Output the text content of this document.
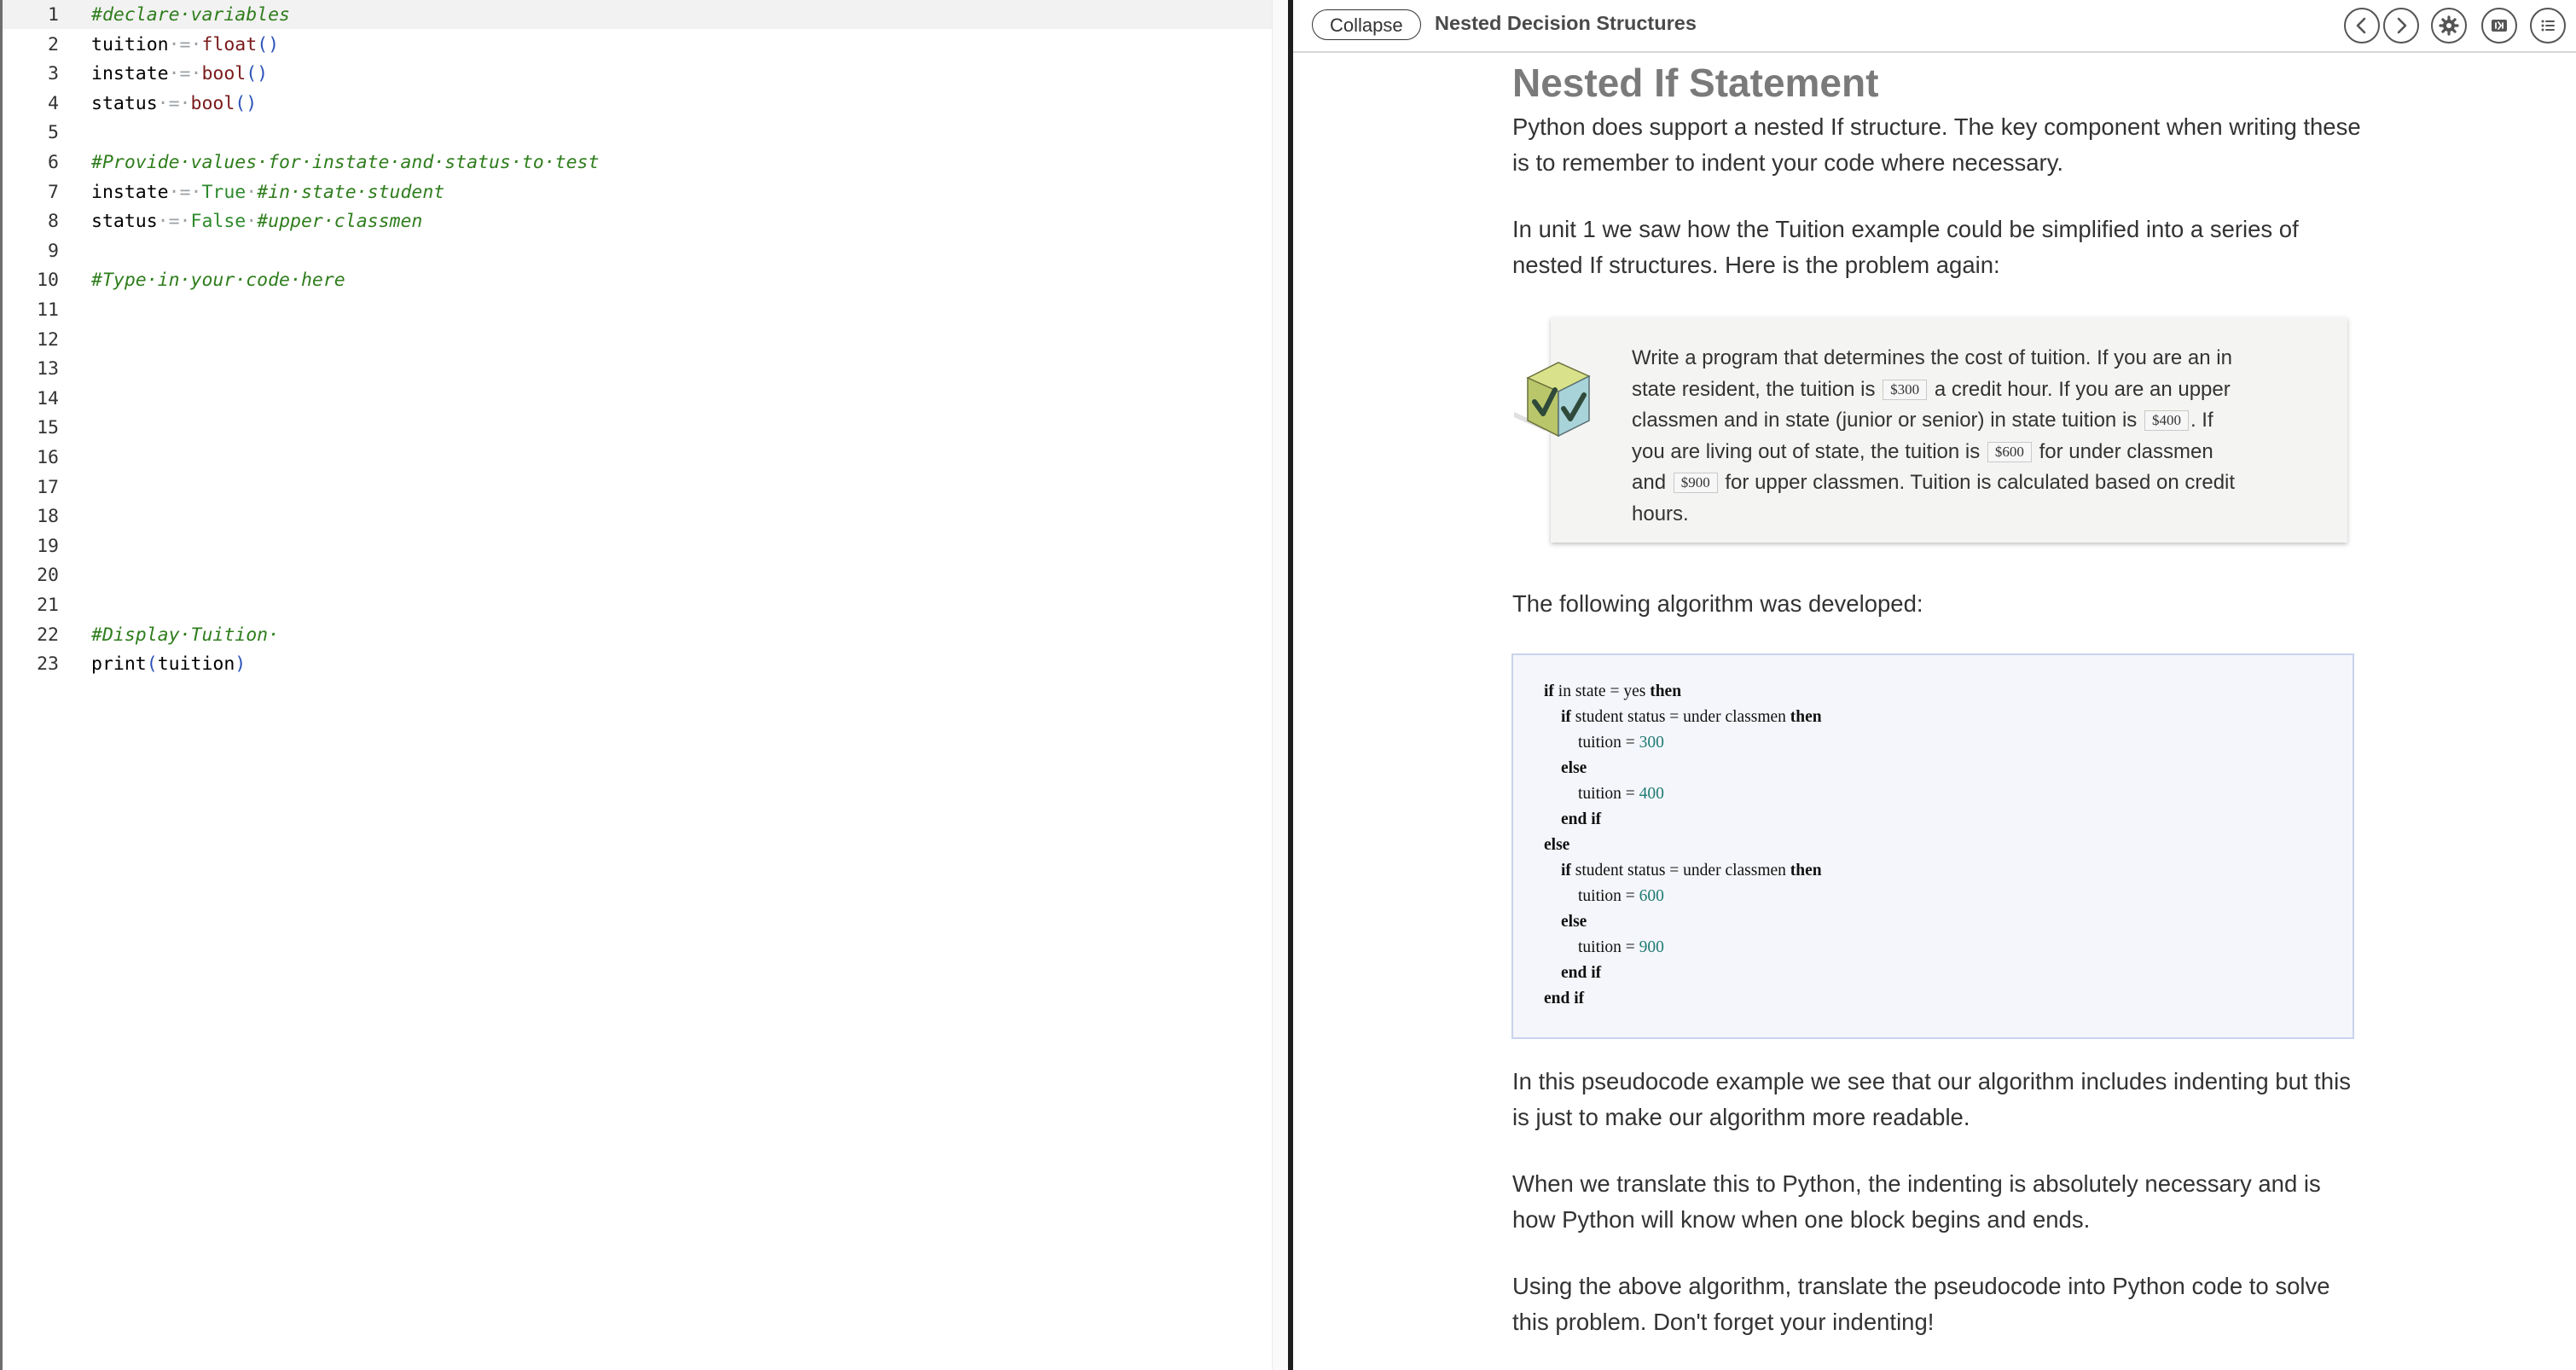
1 #declare·variables
2 tuition·=·float()
3 instate·=·bool()
4 status·=·bool()
5
6 #Provide·values·for·instate·and·status·to·test
7 instate·=·True·#in·state·student
8 status·=·False·#upper·classmen
9
10 #Type·in·your·code·here
11
12
13
14
15
16
17
18
19
20
21
22 #Display·Tuition·
23 print(tuition)
Collapse	Nested Decision Structures
Nested If Statement
Python does support a nested If structure. The key component when writing these is to remember to indent your code where necessary.
In unit 1 we saw how the Tuition example could be simplified into a series of nested If structures. Here is the problem again:
Write a program that determines the cost of tuition. If you are an in state resident, the tuition is $300 a credit hour. If you are an upper classmen and in state (junior or senior) in state tuition is $400 . If you are living out of state, the tuition is $600 for under classmen and $900 for upper classmen. Tuition is calculated based on credit hours.
The following algorithm was developed:
if in state = yes then
if student status = under classmen then
tuition = 300
else
tuition = 400
end if
else
if student status = under classmen then
tuition = 600
else
tuition = 900
end if
end if
In this pseudocode example we see that our algorithm includes indenting but this is just to make our algorithm more readable.
When we translate this to Python, the indenting is absolutely necessary and is how Python will know when one block begins and ends.
Using the above algorithm, translate the pseudocode into Python code to solve this problem. Don't forget your indenting!
